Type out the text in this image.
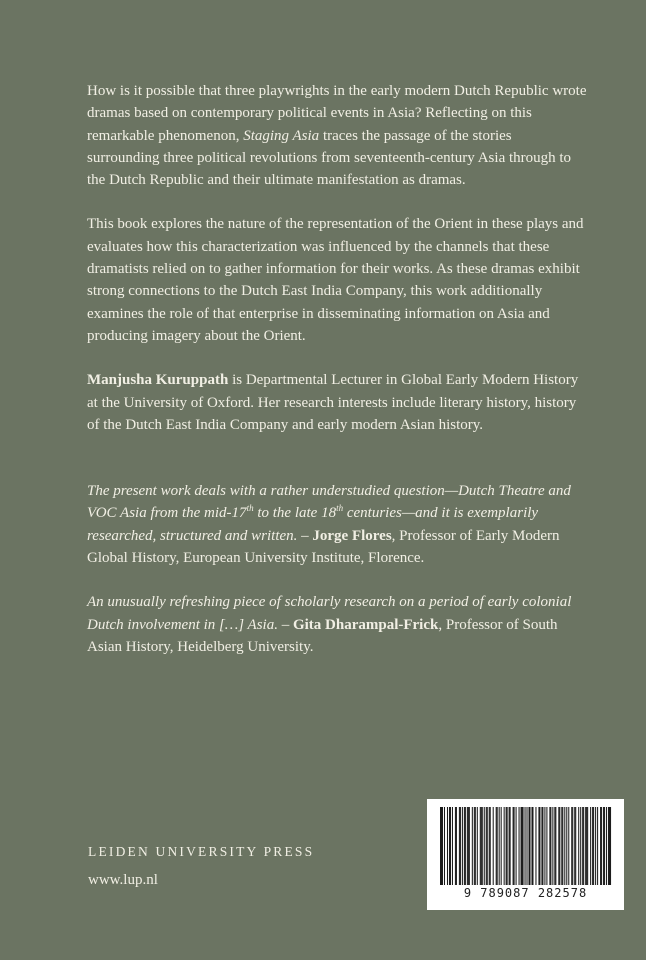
How is it possible that three playwrights in the early modern Dutch Republic wrote dramas based on contemporary political events in Asia? Reflecting on this remarkable phenomenon, Staging Asia traces the passage of the stories surrounding three political revolutions from seventeenth-century Asia through to the Dutch Republic and their ultimate manifestation as dramas.

This book explores the nature of the representation of the Orient in these plays and evaluates how this characterization was influenced by the channels that these dramatists relied on to gather information for their works. As these dramas exhibit strong connections to the Dutch East India Company, this work additionally examines the role of that enterprise in disseminating information on Asia and producing imagery about the Orient.

Manjusha Kuruppath is Departmental Lecturer in Global Early Modern History at the University of Oxford. Her research interests include literary history, history of the Dutch East India Company and early modern Asian history.

The present work deals with a rather understudied question—Dutch Theatre and VOC Asia from the mid-17th to the late 18th centuries—and it is exemplarily researched, structured and written. – Jorge Flores, Professor of Early Modern Global History, European University Institute, Florence.

An unusually refreshing piece of scholarly research on a period of early colonial Dutch involvement in […] Asia. – Gita Dharampal-Frick, Professor of South Asian History, Heidelberg University.

LEIDEN UNIVERSITY PRESS
www.lup.nl
9 789087 282578
